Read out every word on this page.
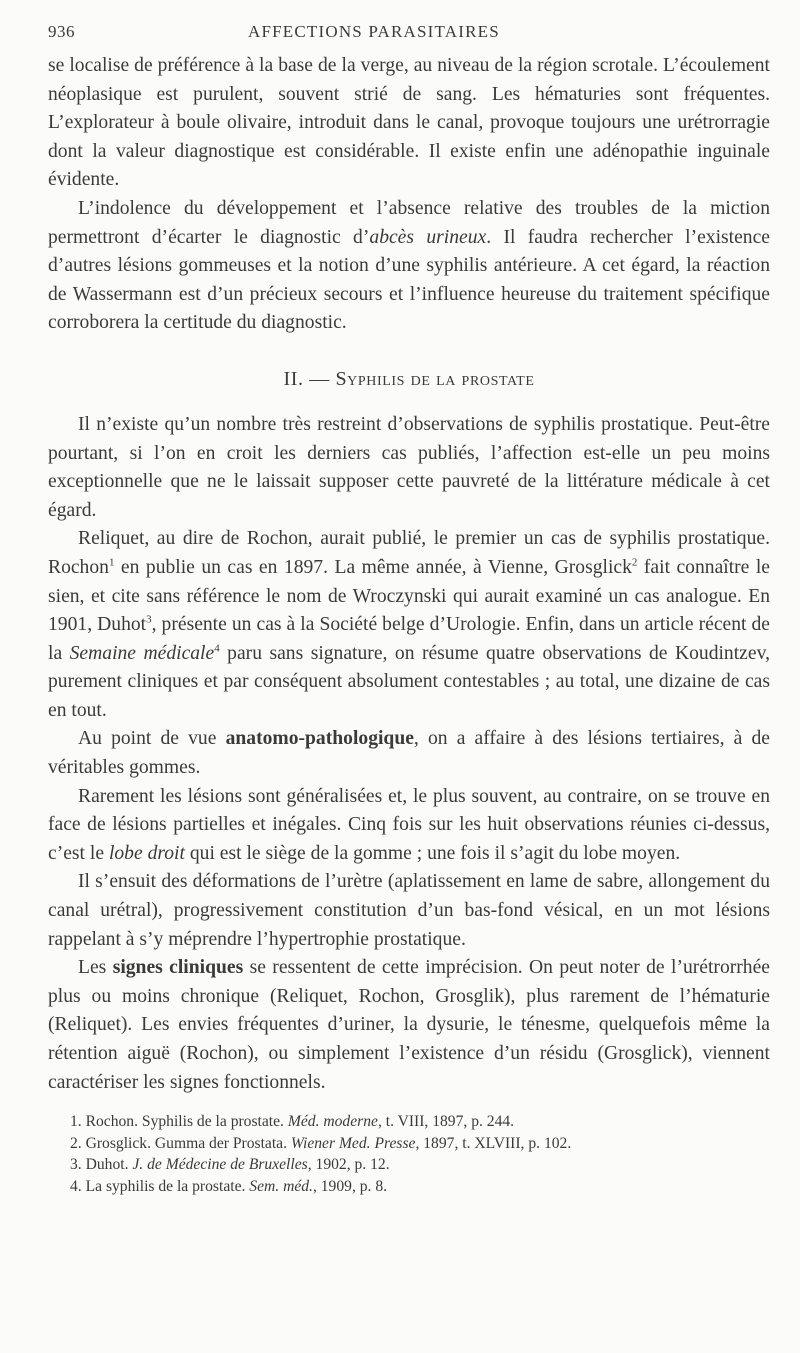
936	AFFECTIONS PARASITAIRES

se localise de préférence à la base de la verge, au niveau de la région scrotale. L’écoulement néoplasique est purulent, souvent strié de sang. Les hématuries sont fréquentes. L’explorateur à boule olivaire, introduit dans le canal, provoque toujours une urétrorragie dont la valeur diagnostique est considérable. Il existe enfin une adénopathie inguinale évidente.

L’indolence du développement et l’absence relative des troubles de la miction permettront d’écarter le diagnostic d’abcès urineux. Il faudra rechercher l’existence d’autres lésions gommeuses et la notion d’une syphilis antérieure. A cet égard, la réaction de Wassermann est d’un précieux secours et l’influence heureuse du traitement spécifique corroborera la certitude du diagnostic.

II. — Syphilis de la prostate

Il n’existe qu’un nombre très restreint d’observations de syphilis prostatique. Peut-être pourtant, si l’on en croit les derniers cas publiés, l’affection est-elle un peu moins exceptionnelle que ne le laissait supposer cette pauvreté de la littérature médicale à cet égard.

Reliquet, au dire de Rochon, aurait publié, le premier un cas de syphilis prostatique. Rochon$^1$ en publie un cas en 1897. La même année, à Vienne, Grosglick$^2$ fait connaître le sien, et cite sans référence le nom de Wroczynski qui aurait examiné un cas analogue. En 1901, Duhot$^3$, présente un cas à la Société belge d’Urologie. Enfin, dans un article récent de la Semaine médicale$^4$ paru sans signature, on résume quatre observations de Koudintzev, purement cliniques et par conséquent absolument contestables ; au total, une dizaine de cas en tout.

Au point de vue anatomo-pathologique, on a affaire à des lésions tertiaires, à de véritables gommes.

Rarement les lésions sont généralisées et, le plus souvent, au contraire, on se trouve en face de lésions partielles et inégales. Cinq fois sur les huit observations réunies ci-dessus, c’est le lobe droit qui est le siège de la gomme ; une fois il s’agit du lobe moyen.

Il s’ensuit des déformations de l’urètre (aplatissement en lame de sabre, allongement du canal urétral), progressivement constitution d’un bas-fond vésical, en un mot lésions rappelant à s’y méprendre l’hypertrophie prostatique.

Les signes cliniques se ressentent de cette imprécision. On peut noter de l’urétrorrhée plus ou moins chronique (Reliquet, Rochon, Grosglik), plus rarement de l’hématurie (Reliquet). Les envies fréquentes d’uriner, la dysurie, le ténesme, quelquefois même la rétention aiguë (Rochon), ou simplement l’existence d’un résidu (Grosglick), viennent caractériser les signes fonctionnels.

1. Rochon. Syphilis de la prostate. Méd. moderne, t. VIII, 1897, p. 244.

2. Grosglick. Gumma der Prostata. Wiener Med. Presse, 1897, t. XLVIII, p. 102.

3. Duhot. J. de Médecine de Bruxelles, 1902, p. 12.

4. La syphilis de la prostate. Sem. méd., 1909, p. 8.
